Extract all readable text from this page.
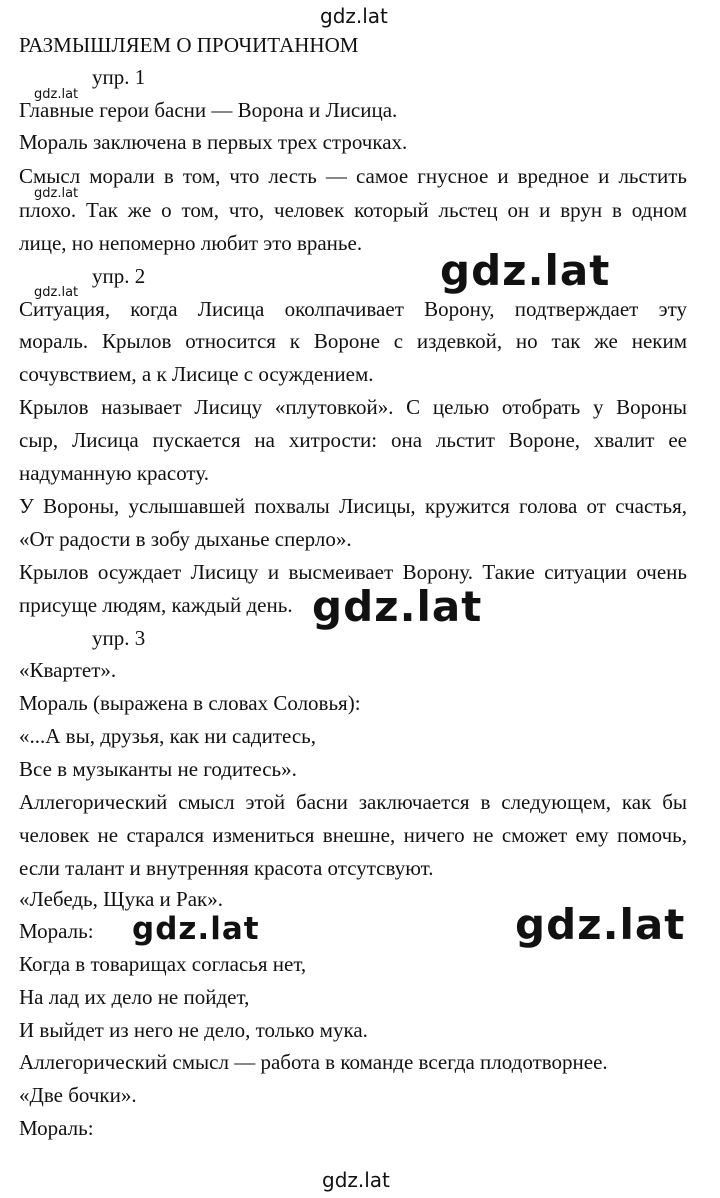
gdz.lat
gdz.lat
РАЗМЫШЛЯЕМ О ПРОЧИТАННОМ
упр. 1
gdz.lat
Главные герои басни — Ворона и Лисица.
Мораль заключена в первых трех строчках.
Смысл морали в том, что лесть — самое гнусное и вредное и льстить
gdz.lat
плохо. Так же о том, что, человек который льстец он и врун в одном
лице, но непомерно любит это вранье.
упр. 2
gdz.lat	gdz.lat
Ситуация, когда Лисица околпачивает Ворону, подтверждает эту
мораль. Крылов относится к Вороне с издевкой, но так же неким
сочувствием, а к Лисице с осуждением.
Крылов называет Лисицу «плутовкой». С целью отобрать у Вороны
сыр, Лисица пускается на хитрости: она льстит Вороне, хвалит ее
надуманную красоту.
У Вороны, услышавшей похвалы Лисицы, кружится голова от счастья,
«От радости в зобу дыханье сперло».
Крылов осуждает Лисицу и высмеивает Ворону. Такие ситуации очень
присуще людям, каждый день. gdz.lat
упр. 3
«Квартет».
Мораль (выражена в словах Соловья):
«...А вы, друзья, как ни садитесь,
Все в музыканты не годитесь».
Аллегорический смысл этой басни заключается в следующем, как бы
человек не старался измениться внешне, ничего не сможет ему помочь,
если талант и внутренняя красота отсутсвуют.
«Лебедь, Щука и Рак».
Мораль: gdz.lat	gdz.lat
Когда в товарищах согласья нет,
На лад их дело не пойдет,
И выйдет из него не дело, только мука.
Аллегорический смысл — работа в команде всегда плодотворнее.
«Две бочки».
Мораль:
